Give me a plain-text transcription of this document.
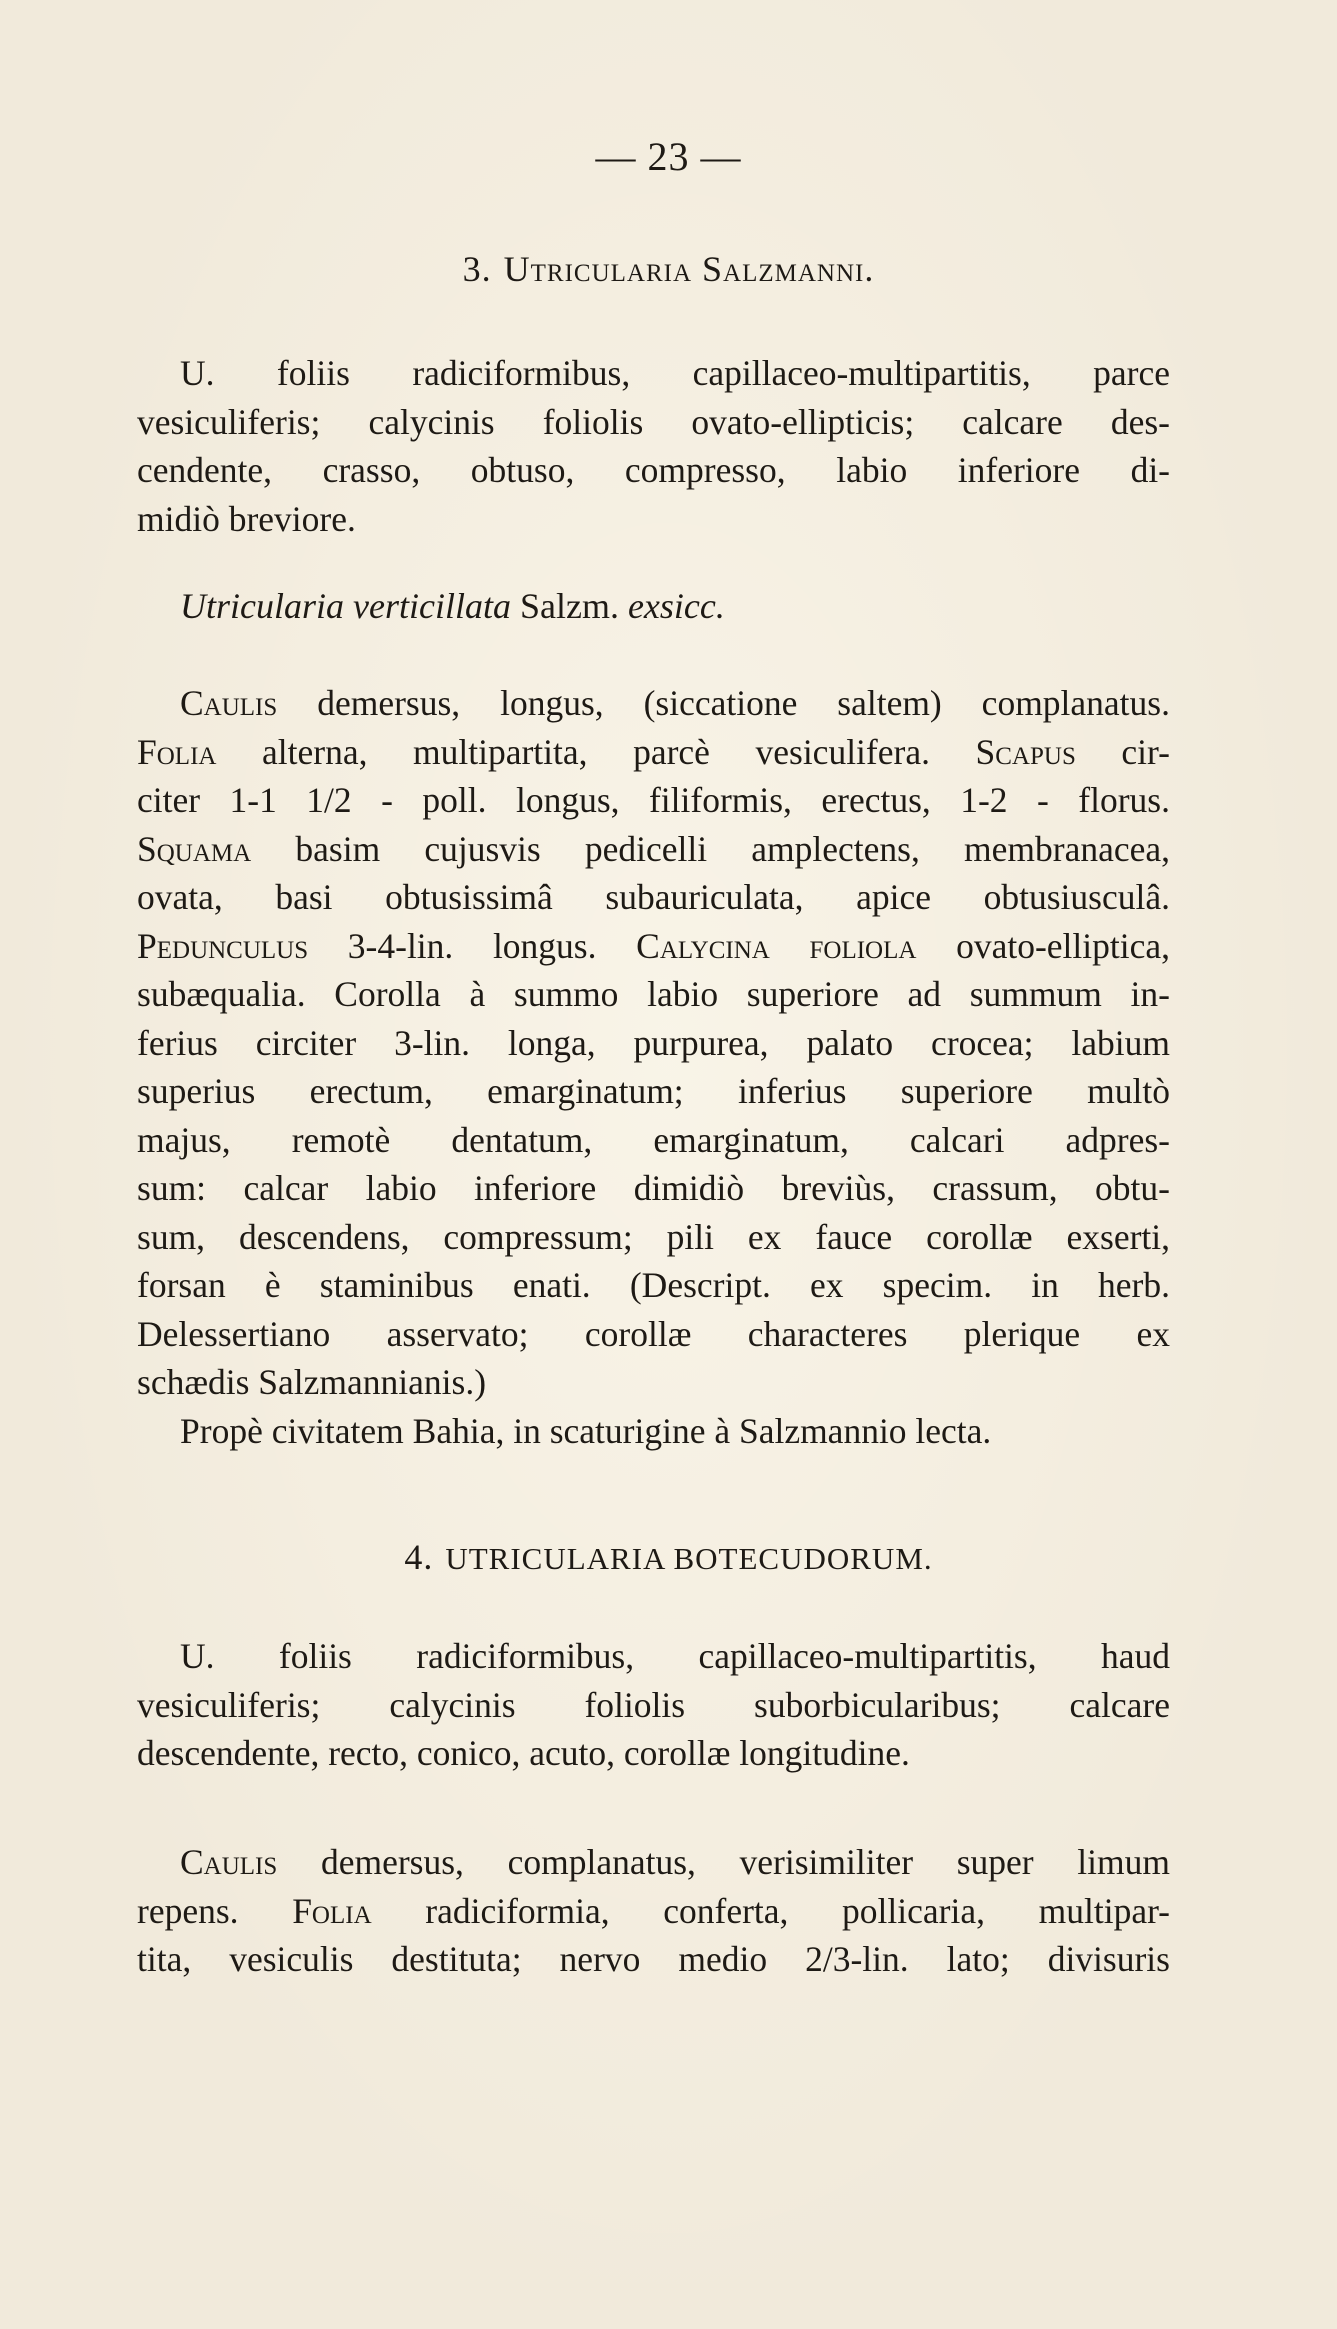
— 23 —
3. Utricularia Salzmanni.
U. foliis radiciformibus, capillaceo-multipartitis, parce
vesiculiferis; calycinis foliolis ovato-ellipticis; calcare des-
cendente, crasso, obtuso, compresso, labio inferiore di-
midiò breviore.
Utricularia verticillata Salzm. exsicc.
Caulis demersus, longus, (siccatione saltem) complanatus.
Folia alterna, multipartita, parcè vesiculifera. Scapus cir-
citer 1-1 1/2 - poll. longus, filiformis, erectus, 1-2 - florus.
Squama basim cujusvis pedicelli amplectens, membranacea,
ovata, basi obtusissimâ subauriculata, apice obtusiusculâ.
Pedunculus 3-4-lin. longus. Calycina foliola ovato-elliptica,
subæqualia. Corolla à summo labio superiore ad summum in-
ferius circiter 3-lin. longa, purpurea, palato crocea; labium
superius erectum, emarginatum; inferius superiore multò
majus, remotè dentatum, emarginatum, calcari adpres-
sum: calcar labio inferiore dimidiò breviùs, crassum, obtu-
sum, descendens, compressum; pili ex fauce corollæ exserti,
forsan è staminibus enati. (Descript. ex specim. in herb.
Delessertiano asservato; corollæ characteres plerique ex
schædis Salzmannianis.)
Propè civitatem Bahia, in scaturigine à Salzmannio lecta.
4. UTRICULARIA BOTECUDORUM.
U. foliis radiciformibus, capillaceo-multipartitis, haud
vesiculiferis; calycinis foliolis suborbicularibus; calcare
descendente, recto, conico, acuto, corollæ longitudine.
Caulis demersus, complanatus, verisimiliter super limum
repens. Folia radiciformia, conferta, pollicaria, multipar-
tita, vesiculis destituta; nervo medio 2/3-lin. lato; divisuris
